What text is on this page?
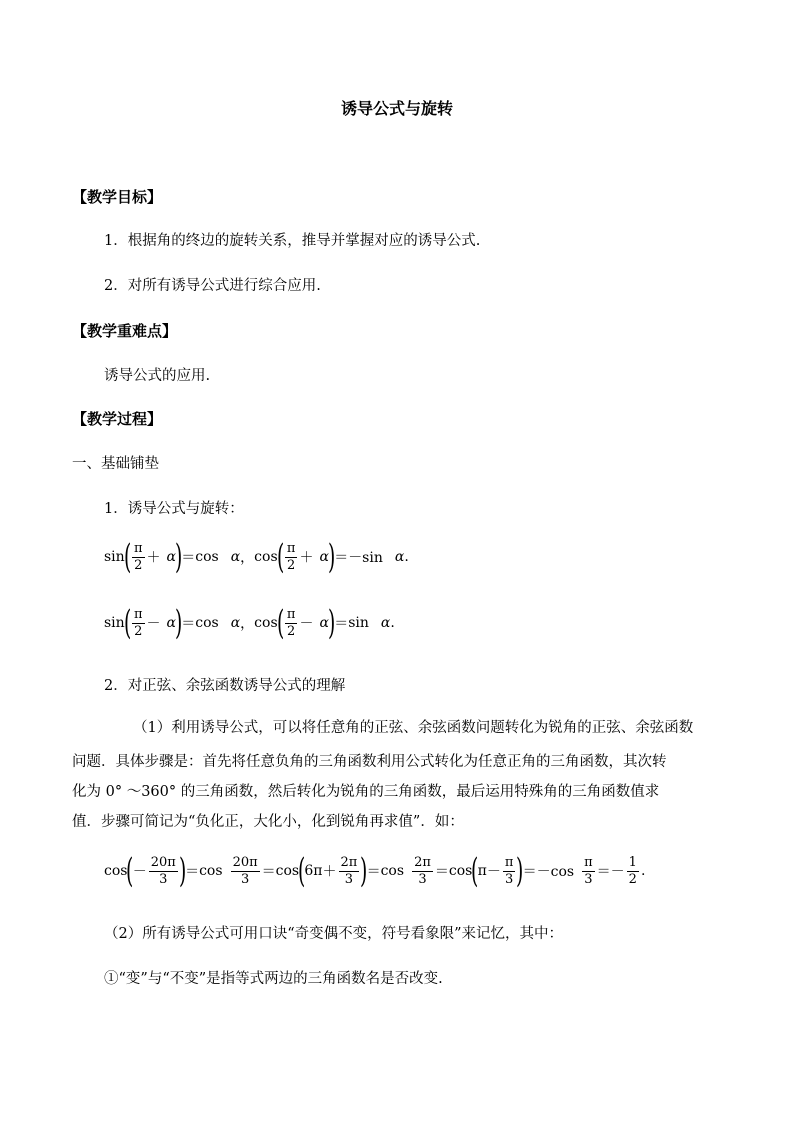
诱导公式与旋转
【教学目标】
1．根据角的终边的旋转关系，推导并掌握对应的诱导公式.
2．对所有诱导公式进行综合应用.
【教学重难点】
诱导公式的应用.
【教学过程】
一、基础铺垫
1．诱导公式与旋转：
sin
( $\frac{\pi}{2} + \alpha$
)
＝ cos α ， cos
( $\frac{\pi}{2} + \alpha$
)
＝ －sin α .
sin
( $\frac{\pi}{2} - \alpha$
)
＝ cos α ， cos
( $\frac{\pi}{2} - \alpha$
)
＝ sin α .
2．对正弦、余弦函数诱导公式的理解
（1）利用诱导公式，可以将任意角的正弦、余弦函数问题转化为锐角的正弦、余弦函数
问题．具体步骤是：首先将任意负角的三角函数利用公式转化为任意正角的三角函数，其次转
化为 0° ～360° 的三角函数，然后转化为锐角的三角函数，最后运用特殊角的三角函数值求
值．步骤可简记为“负化正，大化小，化到锐角再求值”．如：
cos
(
－ $\frac{20\pi}{3}$ )
＝ $\cos \frac{20\pi}{3} = \cos$
(
$6\pi + \frac{2\pi}{3}$ )
＝ $\cos \frac{2\pi}{3} = \cos$
(
$\pi - \frac{\pi}{3}$ )
＝ $-\cos \frac{\pi}{3}$ ＝ － $\frac{1}{2}$ .
（2）所有诱导公式可用口诀“奇变偶不变，符号看象限”来记忆，其中：
①“变”与“不变”是指等式两边的三角函数名是否改变.
